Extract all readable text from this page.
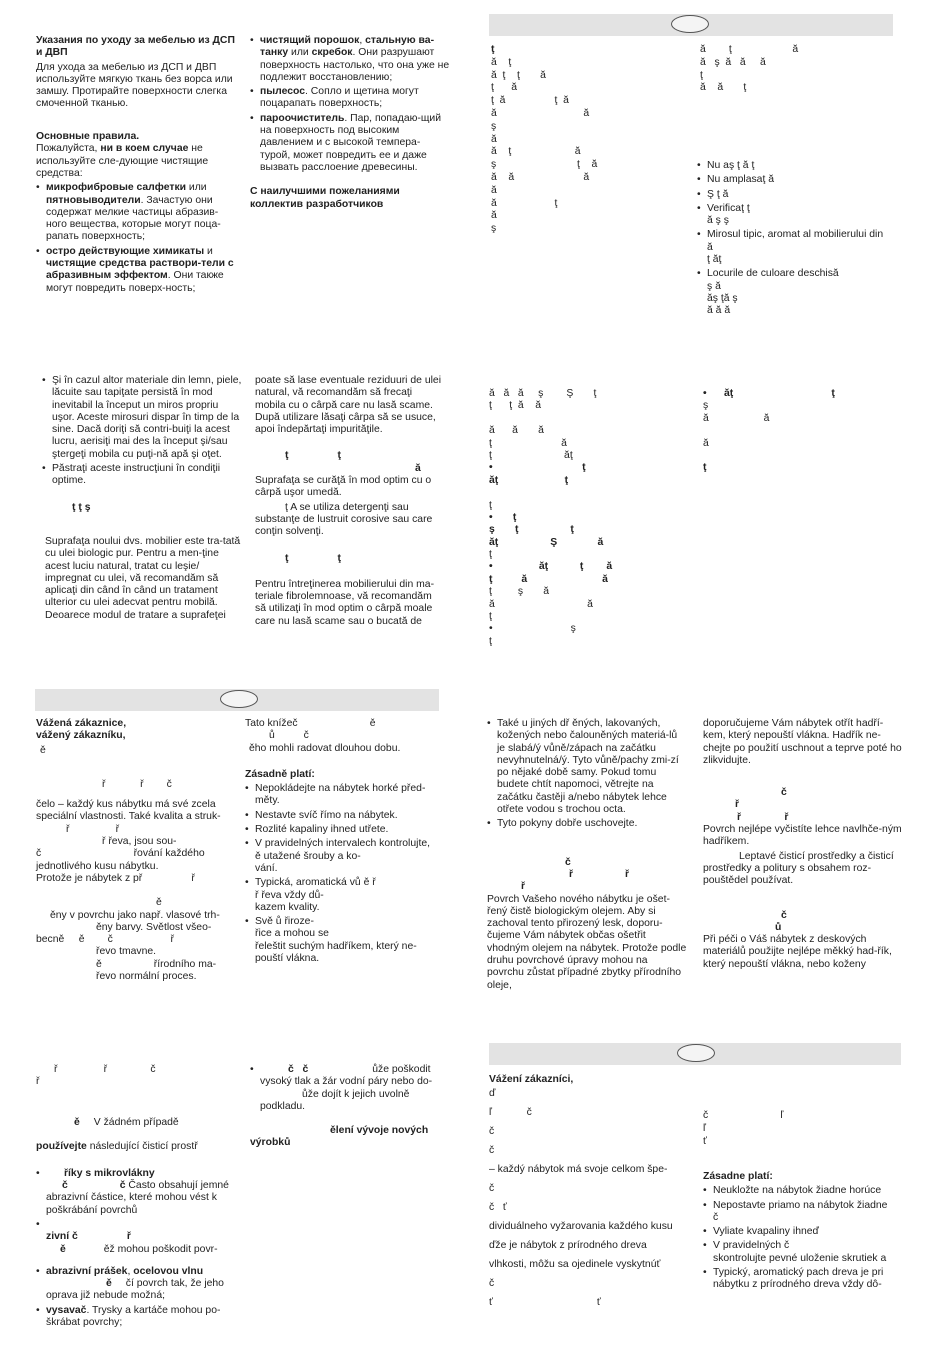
Указания по уходу за мебелью из ДСП и ДВП

Для ухода за мебелью из ДСП и ДВП используйте мягкую ткань без ворса или замшу. Протирайте поверхности слегка смоченной тканью.

Основные правила.
Пожалуйста, ни в коем случае не используйте сле-дующие чистящие средства:

• микрофибровые салфетки или пятновыводители. Зачастую они содержат мелкие частицы абразив-ного вещества, которые могут поца-рапать поверхность;
• остро действующие химикаты и чистящие средства раствори-тели с абразивным эффектом. Они также могут повредить поверх-ность;
• чистящий порошок, стальную ва-танку или скребок. Они разрушают поверхность настолько, что она уже не подлежит восстановлению;
• пылесос. Сопло и щетина могут поцарапать поверхность;
• пароочиститель. Пар, попадаю-щий на поверхность под высоким давлением и с высокой темпера-турой, может повредить ее и даже вызвать расслоение древесины.

С наилучшими пожеланиями коллектив разработчиков

ţ
ă    ţ
ă  ţ    ţ       ă
ţ      ă
ţ  ă                 ţ  ă
ă                              ă
ş
ă
ă    ţ                      ă
ş                            ţ    ă
ă    ă                        ă
ă
ă                    ţ
ă
ş
ă        ţ                     ă
ă   ş  ă   ă     ă
ţ
ă    ă       ţ
• Nu aş ţ ă ţ
• Nu amplasaţ ă
• Ş ţ ă
• Verificaţ ţ
ă ş ş
• Mirosul tipic, aromat al mobilierului din
ă
ţ ăţ
• Locurile de culoare deschisă
ş ă
ăş ţă ş
ă ă ă
• Şi în cazul altor materiale din lemn, piele, lăcuite sau tapiţate persistă în mod inevitabil la început un miros propriu uşor. Aceste mirosuri dispar în timp de la sine. Dacă doriţi să contri-buiţi la acest lucru, aerisiţi mai des la început şi/sau ştergeţi mobila cu puţi-nă apă şi oţet.
• Păstraţi aceste instrucţiuni în condiţii optime.

ţ ţ ş

Suprafaţa noului dvs. mobilier este tra-tată cu ulei biologic pur. Pentru a men-ţine acest luciu natural, tratat cu leşie/ impregnat cu ulei, vă recomandăm să aplicaţi din când în când un tratament ulterior cu ulei adecvat pentru mobilă. Deoarece modul de tratare a suprafeţei

poate să lase eventuale reziduuri de ulei natural, vă recomandăm să frecaţi mobila cu o cârpă care nu lasă scame. După utilizare lăsaţi cârpa să se usuce, apoi îndepărtaţi impurităţile.

ţ                 ţ

ă

Suprafaţa se curăţă în mod optim cu o cârpă uşor umedă.

ţ A se utiliza detergenţi sau substanţe de lustruit corosive sau care conţin solvenţi.

ţ                 ţ

Pentru întreţinerea mobilierului din ma-teriale fibrolemnoase, vă recomandăm să utilizaţi în mod optim o cârpă moale care nu lasă scame sau o bucată de

ă   ă   ă     ş        Ş       ţ
ţ      ţ  ă    ă
ă      ă       ă
ţ                        ă
ţ                         ăţ
•                               ţ
ăţ                       ţ
ţ
•       ţ
ş       ţ                  ţ
ăţ                  Ş              ă
ţ
•                ăţ           ţ        ă
ţ          ă                          ă
ţ         ş       ă
ă                                ă
ţ
•                           ş
ţ
•      ăţ                                  ţ
ş
ă                   ă
ă
ţ

Vážená zákaznice,
vážený zákazníku,

ě

ř            ř        č

čelo – každý kus nábytku má své zcela speciální vlastnosti. Také kvalita a struk-

ř                ř

ř řeva, jsou sou-

č                                řování každého jednotlivého kusu nábytku.

Protože je nábytek z př                 ř

ě

ěny v povrchu jako např. vlasové trh-

ěny barvy. Světlost všeo-

becně     ě        č                    ř

řevo tmavne.

ě                  řírodního ma-

řevo normální proces.

Tato knížeč                         ě

ů          č

ěho mohli radovat dlouhou dobu.

Zásadně platí:

• Nepokládejte na nábytek horké před-
měty.
• Nestavte svíč římo na nábytek.
• Rozlité kapaliny ihned utřete.
• V pravidelných intervalech kontrolujte,
ě utažené šrouby a ko-
vání.
• Typická, aromatická vů ě ř
ř řeva vždy dů-
kazem kvality.
• Svě ů řiroze-
řice a mohou se
řeleštit suchým hadříkem, který ne-
pouští vlákna.
• Také u jiných dř ěných, lakovaných, kožených nebo čalouněných materiá-lů je slabá/ý vůně/zápach na začátku nevyhnutelná/ý. Tyto vůně/pachy zmi-zí po nějaké době samy. Pokud tomu budete chtít napomoci, větrejte na začátku častěji a/nebo nábytek lehce otřete vodou s trochou octa.
• Tyto pokyny dobře uschovejte.

č

ř                  ř

ř

Povrch Vašeho nového nábytku je ošet-řený čistě biologickým olejem. Aby si zachoval tento přirozený lesk, doporu-čujeme Vám nábytek občas ošetřit vhodným olejem na nábytek. Protože podle druhu povrchové úpravy mohou na povrchu zůstat případné zbytky přírodního oleje,

doporučujeme Vám nábytek otřít hadří-kem, který nepouští vlákna. Hadřík ne-chejte po použití uschnout a teprve poté ho zlikvidujte.

č

ř

ř               ř

Povrch nejlépe vyčistíte lehce navlhče-ným hadříkem.

Leptavé čisticí prostředky a čisticí prostředky a politury s obsahem roz-pouštědel používat.

č

ů

Při péči o Váš nábytek z deskových materiálů použijte nejlépe měkký had-řík, který nepouští vlákna, nebo koženy

ř                ř               č

ř

ě V žádném případě

používejte následující čisticí prostř

• říky s mikrovlákny
č                  č Často obsahují jemné abrazivní částice, které mohou vést k poškrábání povrchů

• zivní č                 ř
ě	ěž mohou poškodit povr-
• abrazivní prášek, ocelovou vlnu
ě čí povrch tak, že jeho oprava již nebude možná;
• vysavač. Trysky a kartáče mohou po-škrábat povrchy;
• č   č	ůže poškodit
vysoký tlak a žár vodní páry nebo do-
ůže dojít k jejich uvolně
podkladu.

ělení vývoje nových výrobků

Vážení zákazníci,

ď
ľ            č
č
č
– každý nábytok má svoje celkom špe-
č
č   ť
dividuálneho vyžarovania každého kusu
ďže je nábytok z prírodného dreva
vlhkosti, môžu sa ojedinele vyskytnúť
č
ť                                    ť
č                         ľ
ľ
ť

Zásadne platí:

• Neukložte na nábytok žiadne horúce
• Nepostavte priamo na nábytok žiadne
č
• Vyliate kvapaliny ihneď
• V pravidelných č
skontrolujte pevné uloženie skrutiek a
• Typický, aromatický pach dreva je pri
nábytku z prírodného dreva vždy dô-
